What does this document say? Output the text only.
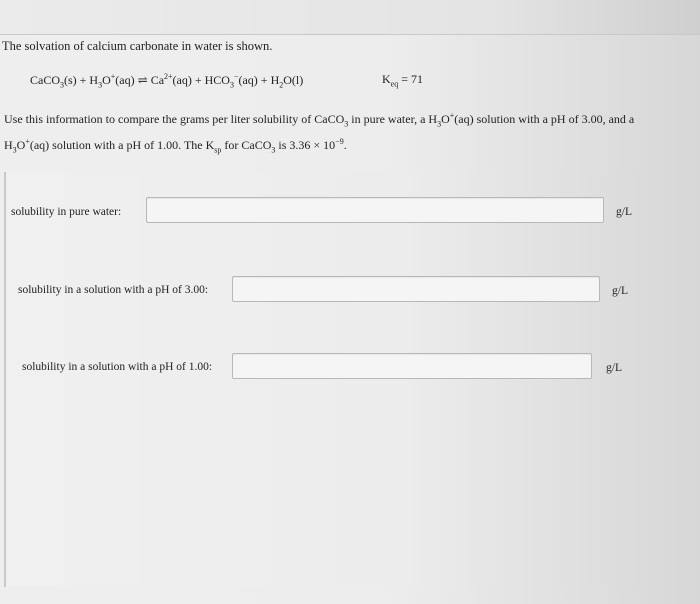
The solvation of calcium carbonate in water is shown.
CaCO$_3$(s) + $H_3O^+(aq)$ ⇌ $Ca^{2+}(aq) + HCO_3^-(aq) + H_2O(l)$	$K_{eq} = 71$
Use this information to compare the grams per liter solubility of CaCO$_3$ in pure water, a $H_3O^+(aq)$ solution with a pH of 3.00, and a $H_3O^+(aq)$ solution with a pH of 1.00. The $K_{sp}$ for CaCO$_3$ is $3.36 \times 10^{-9}$.
solubility in pure water:	g/L
solubility in a solution with a pH of 3.00:	g/L
solubility in a solution with a pH of 1.00:	g/L
